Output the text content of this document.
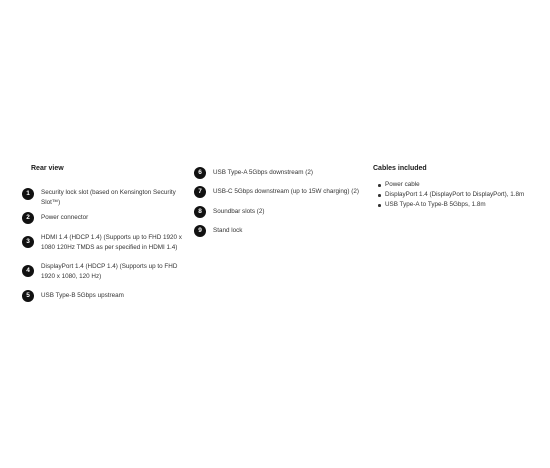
Rear view
1	Security lock slot (based on Kensington Security Slot™)
2	Power connector
3
HDMI 1.4 (HDCP 1.4) (Supports up to FHD 1920 x 1080 120Hz TMDS as per specified in HDMI 1.4)
4
DisplayPort 1.4 (HDCP 1.4) (Supports up to FHD 1920 x 1080, 120 Hz)
5	USB Type-B 5Gbps upstream
6	USB Type-A 5Gbps downstream (2)
7	USB-C 5Gbps downstream (up to 15W charging) (2)
8	Soundbar slots (2)
9	Stand lock
Cables included
Power cable
DisplayPort 1.4 (DisplayPort to DisplayPort), 1.8m
USB Type-A to Type-B 5Gbps, 1.8m
